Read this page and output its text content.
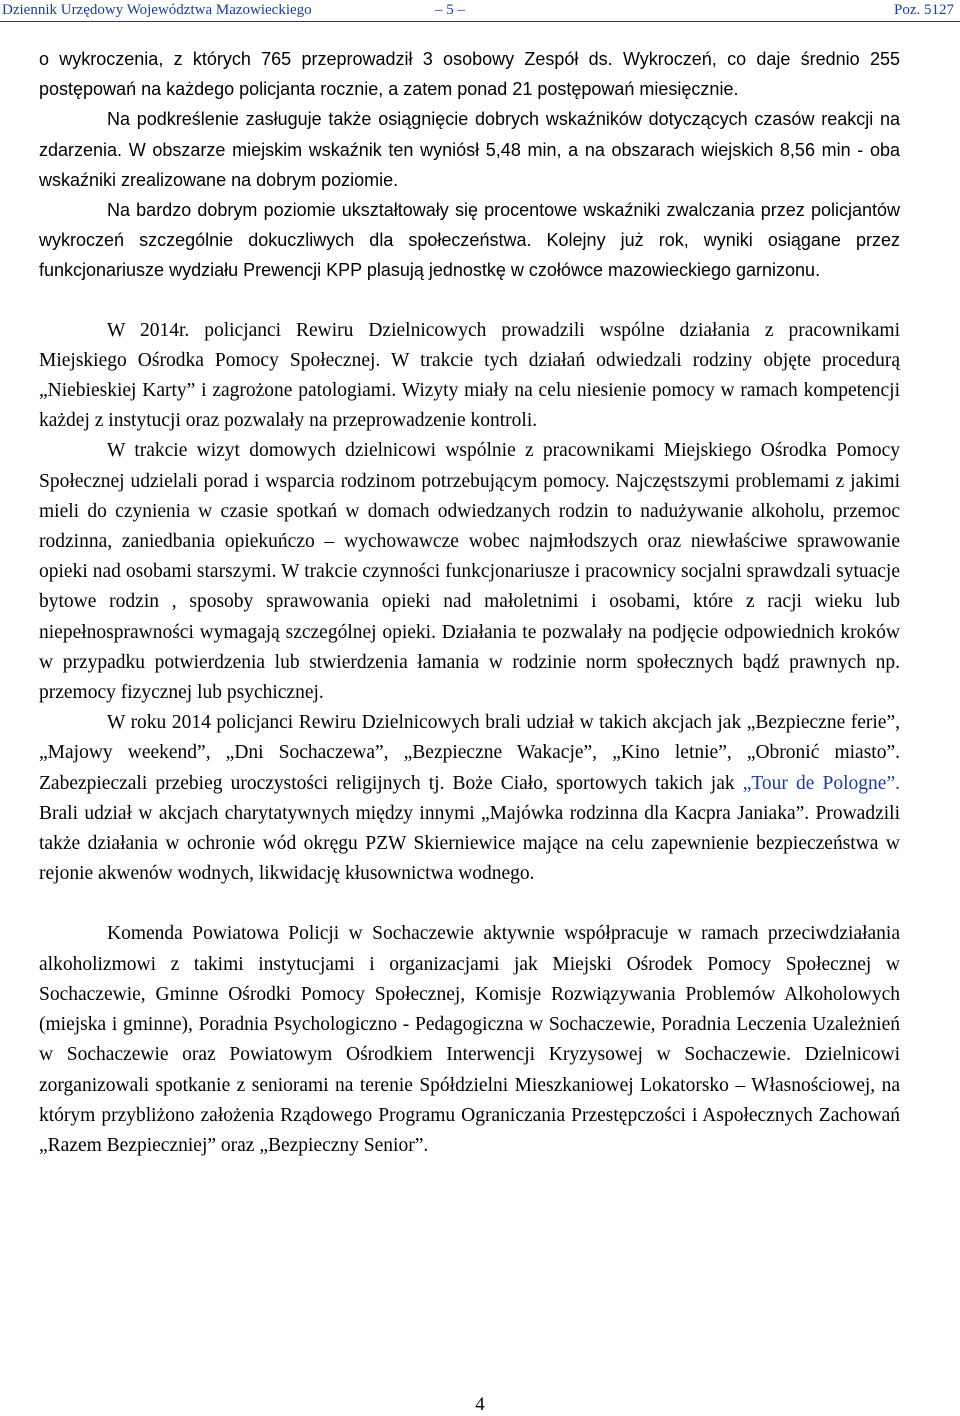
Dziennik Urzędowy Województwa Mazowieckiego	– 5 –	Poz. 5127

o wykroczenia, z których 765 przeprowadził 3 osobowy Zespół ds. Wykroczeń, co daje średnio 255 postępowań na każdego policjanta rocznie, a zatem ponad 21 postępowań miesięcznie.

Na podkreślenie zasługuje także osiągnięcie dobrych wskaźników dotyczących czasów reakcji na zdarzenia. W obszarze miejskim wskaźnik ten wyniósł 5,48 min, a na obszarach wiejskich 8,56 min - oba wskaźniki zrealizowane na dobrym poziomie.

Na bardzo dobrym poziomie ukształtowały się procentowe wskaźniki zwalczania przez policjantów wykroczeń szczególnie dokuczliwych dla społeczeństwa. Kolejny już rok, wyniki osiągane przez funkcjonariusze wydziału Prewencji KPP plasują jednostkę w czołówce mazowieckiego garnizonu.

W 2014r. policjanci Rewiru Dzielnicowych prowadzili wspólne działania z pracownikami Miejskiego Ośrodka Pomocy Społecznej. W trakcie tych działań odwiedzali rodziny objęte procedurą „Niebieskiej Karty” i zagrożone patologiami. Wizyty miały na celu niesienie pomocy w ramach kompetencji każdej z instytucji oraz pozwalały na przeprowadzenie kontroli.

W trakcie wizyt domowych dzielnicowi wspólnie z pracownikami Miejskiego Ośrodka Pomocy Społecznej udzielali porad i wsparcia rodzinom potrzebującym pomocy. Najczęstszymi problemami z jakimi mieli do czynienia w czasie spotkań w domach odwiedzanych rodzin to nadużywanie alkoholu, przemoc rodzinna, zaniedbania opiekuńczo – wychowawcze wobec najmłodszych oraz niewłaściwe sprawowanie opieki nad osobami starszymi. W trakcie czynności funkcjonariusze i pracownicy socjalni sprawdzali sytuacje bytowe rodzin , sposoby sprawowania opieki nad małoletnimi i osobami, które z racji wieku lub niepełnosprawności wymagają szczególnej opieki. Działania te pozwalały na podjęcie odpowiednich kroków w przypadku potwierdzenia lub stwierdzenia łamania w rodzinie norm społecznych bądź prawnych np. przemocy fizycznej lub psychicznej.

W roku 2014 policjanci Rewiru Dzielnicowych brali udział w takich akcjach jak „Bezpieczne ferie”, „Majowy weekend”, „Dni Sochaczewa”, „Bezpieczne Wakacje”, „Kino letnie”, „Obronić miasto”. Zabezpieczali przebieg uroczystości religijnych tj. Boże Ciało, sportowych takich jak „Tour de Pologne”. Brali udział w akcjach charytatywnych między innymi „Majówka rodzinna dla Kacpra Janiaka”. Prowadzili także działania w ochronie wód okręgu PZW Skierniewice mające na celu zapewnienie bezpieczeństwa w rejonie akwenów wodnych, likwidację kłusownictwa wodnego.

Komenda Powiatowa Policji w Sochaczewie aktywnie współpracuje w ramach przeciwdziałania alkoholizmowi z takimi instytucjami i organizacjami jak Miejski Ośrodek Pomocy Społecznej w Sochaczewie, Gminne Ośrodki Pomocy Społecznej, Komisje Rozwiązywania Problemów Alkoholowych (miejska i gminne), Poradnia Psychologiczno - Pedagogiczna w Sochaczewie, Poradnia Leczenia Uzależnień w Sochaczewie oraz Powiatowym Ośrodkiem Interwencji Kryzysowej w Sochaczewie. Dzielnicowi zorganizowali spotkanie z seniorami na terenie Spółdzielni Mieszkaniowej Lokatorsko – Własnościowej, na którym przybliżono założenia Rządowego Programu Ograniczania Przestępczości i Aspołecznych Zachowań „Razem Bezpieczniej” oraz „Bezpieczny Senior”.

4
